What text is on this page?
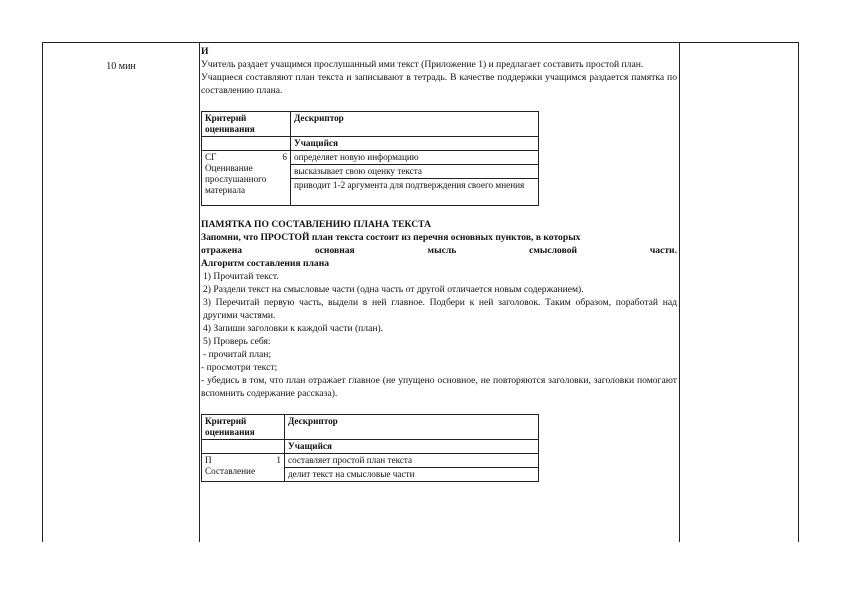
10 мин

И

Учитель раздает учащимся прослушанный ими текст (Приложение 1) и предлагает составить простой план.

Учащиеся составляют план текста и записывают в тетрадь. В качестве поддержки учащимся раздается памятка по составлению плана.

Критерий оценивания	Дескриптор
	Учащийся

СГ 6
Оценивание прослушанного материала	определяет новую информацию
	высказывает свою оценку текста
	приводит 1-2 аргумента для подтверждения своего мнения

ПАМЯТКА ПО СОСТАВЛЕНИЮ ПЛАНА ТЕКСТА

Запомни, что ПРОСТОЙ план текста состоит из перечня основных пунктов, в которых

отражена	основная	мысль	смысловой	части.

Алгоритм составления плана

1) Прочитай текст.

2) Раздели текст на смысловые части (одна часть от другой отличается новым содержанием).

3) Перечитай первую часть, выдели в ней главное. Подбери к ней заголовок. Таким образом, поработай над другими частями.

4) Запиши заголовки к каждой части (план).

5) Проверь себя:

- прочитай план;

- просмотри текст;

- убедись в том, что план отражает главное (не упущено основное, не повторяются заголовки, заголовки помогают вспомнить содержание рассказа).

Критерий оценивания	Дескриптор
	Учащийся

П 1
Составление	составляет простой план текста
	делит текст на смысловые части
